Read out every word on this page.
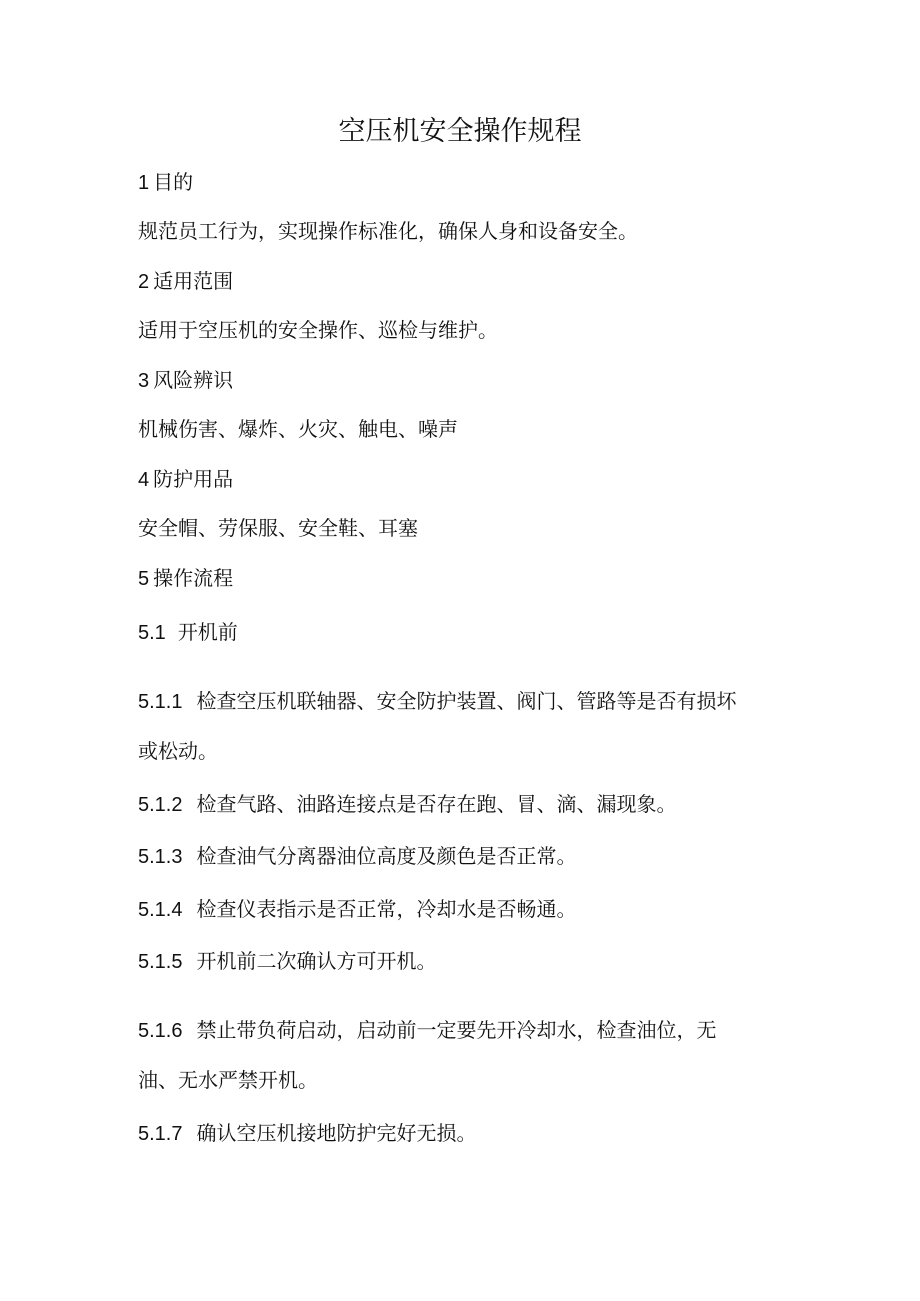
空压机安全操作规程
1 目的
规范员工行为，实现操作标准化，确保人身和设备安全。
2 适用范围
适用于空压机的安全操作、巡检与维护。
3 风险辨识
机械伤害、爆炸、火灾、触电、噪声
4 防护用品
安全帽、劳保服、安全鞋、耳塞
5 操作流程
5.1 开机前
5.1.1 检查空压机联轴器、安全防护装置、阀门、管路等是否有损坏
或松动。
5.1.2 检查气路、油路连接点是否存在跑、冒、滴、漏现象。
5.1.3 检查油气分离器油位高度及颜色是否正常。
5.1.4 检查仪表指示是否正常，冷却水是否畅通。
5.1.5 开机前二次确认方可开机。
5.1.6 禁止带负荷启动，启动前一定要先开冷却水，检查油位，无
油、无水严禁开机。
5.1.7 确认空压机接地防护完好无损。
